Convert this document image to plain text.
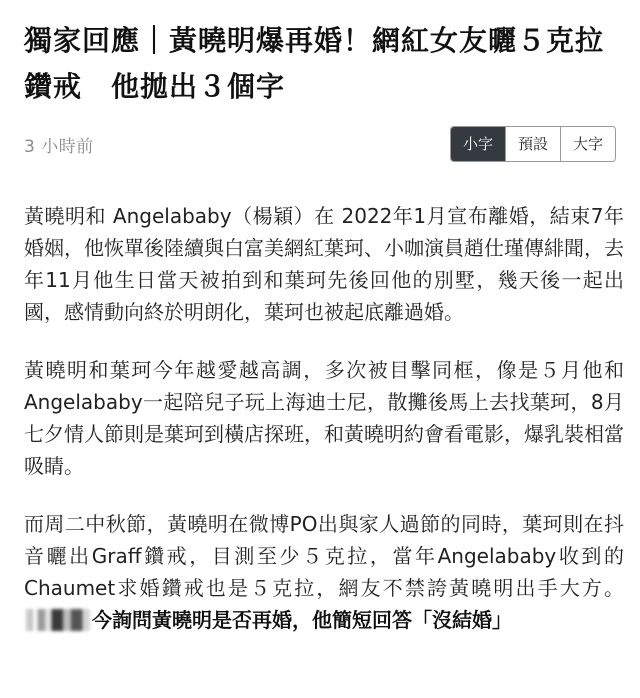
獨家回應｜黃曉明爆再婚！網紅女友曬５克拉
鑽戒　他拋出３個字
3 小時前	小字	預設	大字

黃曉明和 Angelababy（楊穎）在 2022年1月宣布離婚，結束7年婚姻，他恢單後陸續與白富美網紅葉珂、小咖演員趙仕瑾傳緋聞，去年11月他生日當天被拍到和葉珂先後回他的別墅，幾天後一起出國，感情動向終於明朗化，葉珂也被起底離過婚。

黃曉明和葉珂今年越愛越高調，多次被目擊同框，像是５月他和 Angelababy一起陪兒子玩上海迪士尼，散攤後馬上去找葉珂，8月七夕情人節則是葉珂到橫店探班，和黃曉明約會看電影，爆乳裝相當吸睛。

而周二中秋節，黃曉明在微博PO出與家人過節的同時，葉珂則在抖音曬出Graff鑽戒，目測至少５克拉，當年Angelababy收到的Chaumet求婚鑽戒也是５克拉，網友不禁誇黃曉明出手大方。今詢問黃曉明是否再婚，他簡短回答「沒結婚」
